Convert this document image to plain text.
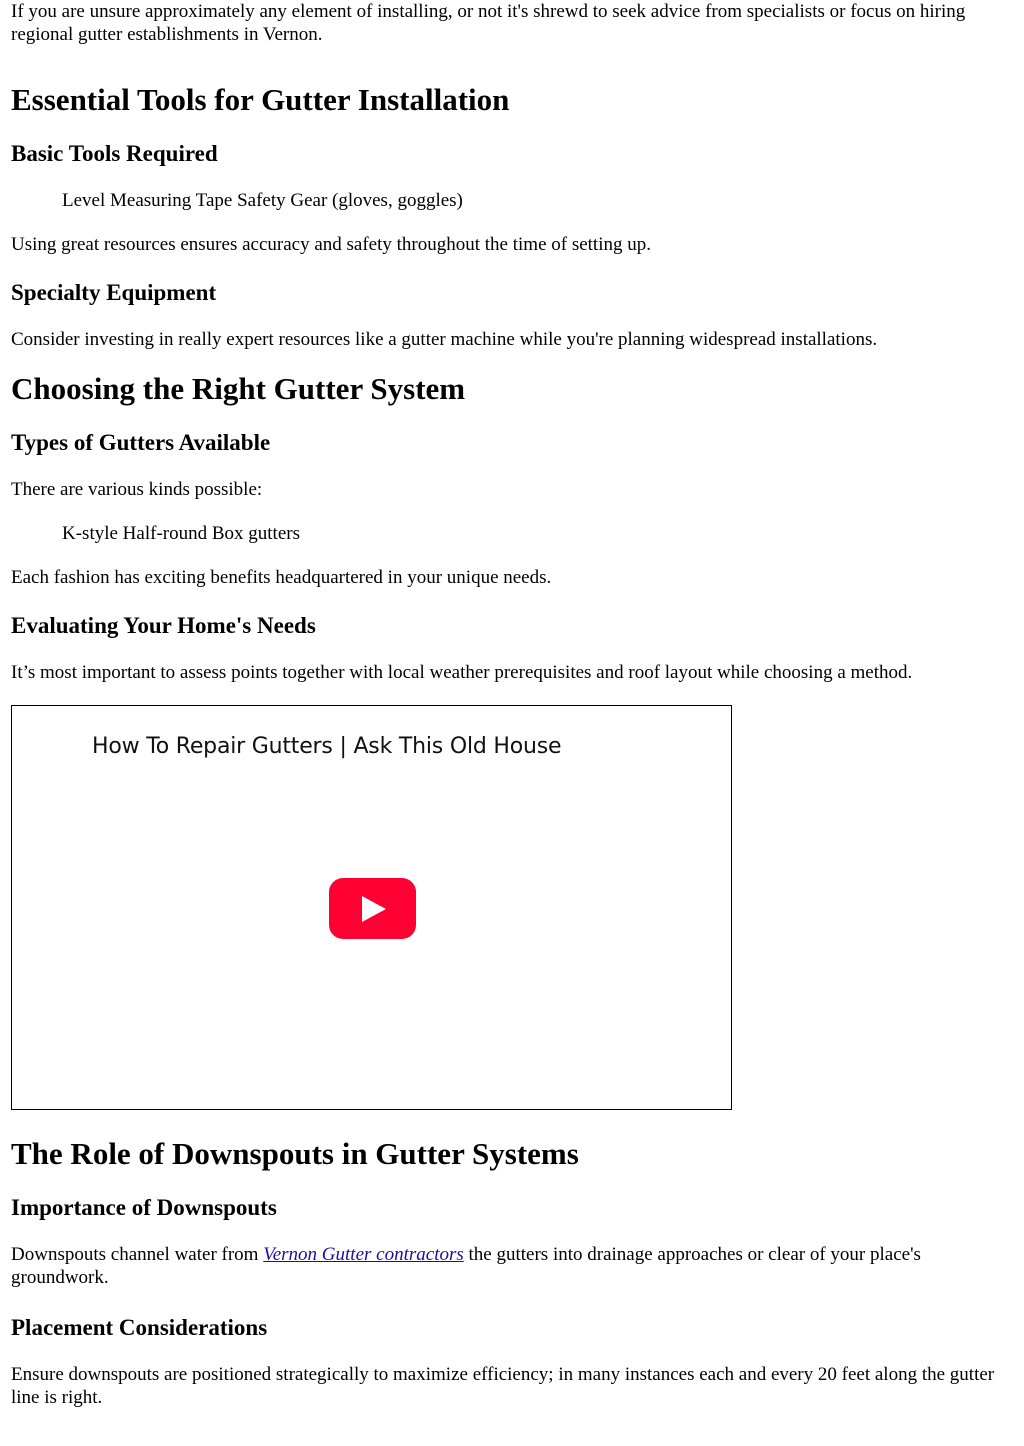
If you are unsure approximately any element of installing, or not it's shrewd to seek advice from specialists or focus on hiring regional gutter establishments in Vernon.

Essential Tools for Gutter Installation
Basic Tools Required

Level Measuring Tape Safety Gear (gloves, goggles)

Using great resources ensures accuracy and safety throughout the time of setting up.

Specialty Equipment

Consider investing in really expert resources like a gutter machine while you're planning widespread installations.

Choosing the Right Gutter System
Types of Gutters Available

There are various kinds possible:

K-style Half-round Box gutters

Each fashion has exciting benefits headquartered in your unique needs.

Evaluating Your Home's Needs

It’s most important to assess points together with local weather prerequisites and roof layout while choosing a method.

How To Repair Gutters | Ask This Old House
The Role of Downspouts in Gutter Systems
Importance of Downspouts

Downspouts channel water from Vernon Gutter contractors the gutters into drainage approaches or clear of your place's groundwork.

Placement Considerations

Ensure downspouts are positioned strategically to maximize efficiency; in many instances each and every 20 feet along the gutter line is right.
